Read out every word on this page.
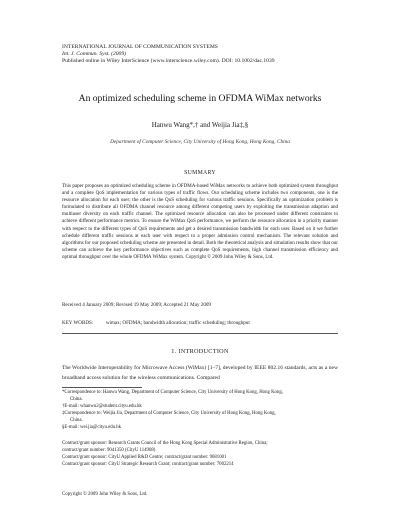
INTERNATIONAL JOURNAL OF COMMUNICATION SYSTEMS
Int. J. Commun. Syst. (2009)
Published online in Wiley InterScience (www.interscience.wiley.com). DOI: 10.1002/dac.1039
An optimized scheduling scheme in OFDMA WiMax networks
Hanwu Wang*,† and Weijia Jia‡,§
Department of Computer Science, City University of Hong Kong, Hong Kong, China
SUMMARY

This paper proposes an optimized scheduling scheme in OFDMA-based WiMax networks to achieve both optimized system throughput and a complete QoS implementation for various types of traffic flows. Our scheduling scheme includes two components, one is the resource allocation for each user; the other is the QoS scheduling for various traffic sessions. Specifically an optimization problem is formulated to distribute all OFDMA channel resource among different competing users by exploiting the transmission adaption and multiuser diversity on each traffic channel. The optimized resource allocation can also be processed under different constraints to achieve different performance metrics. To ensure the WiMax QoS performance, we perform the resource allocation in a priority manner with respect to the different types of QoS requirements and get a desired transmission bandwidth for each user. Based on it we further schedule different traffic sessions at each user with respect to a proper admission control mechanism. The relevant solution and algorithms for our proposed scheduling scheme are presented in detail. Both the theoretical analysis and simulation results show that our scheme can achieve the key performance objectives such as complete QoS requirements, high channel transmission efficiency and optimal throughput over the whole OFDMA WiMax system. Copyright © 2009 John Wiley & Sons, Ltd.

Received 4 January 2009; Revised 19 May 2009; Accepted 21 May 2009
KEY WORDS: wimax; OFDMA; bandwidth allocation; traffic scheduling; throughput
1. INTRODUCTION

The Worldwide Interoperability for Microwave Access (WiMax) [1–7], developed by IEEE 802.16 standards, acts as a new broadband access solution for the wireless communications. Compared

*Correspondence to: Hanwu Wang, Department of Computer Science, City University of Hong Kong, Hong Kong,
China.
†E-mail: whanwu2@student.cityu.edu.hk
‡Correspondence to: Weijia Jia, Department of Computer Science, City University of Hong Kong, Hong Kong,
China.
§E-mail: wei.jia@cityu.edu.hk
Contract/grant sponsor: Research Grants Council of the Hong Kong Special Administrative Region, China;
contract/grant number: 9041350 (CityU 114908)
Contract/grant sponsor: CityU Applied R&D Centre; contract/grant number: 9681001
Contract/grant sponsor: CityU Strategic Research Grant; contract/grant number: 7002214
Copyright © 2009 John Wiley & Sons, Ltd.
